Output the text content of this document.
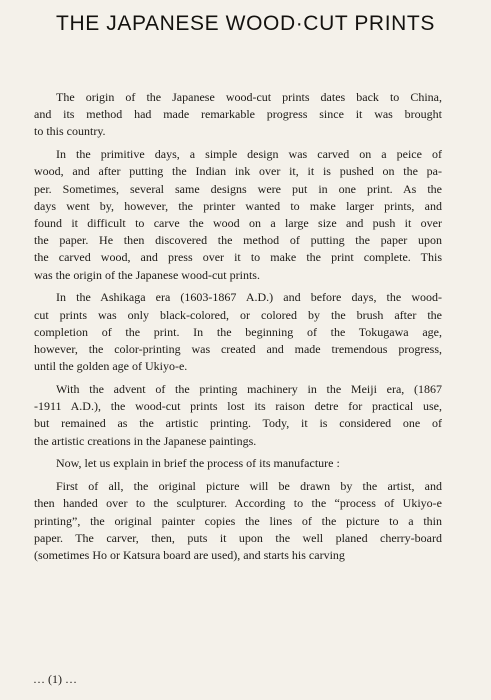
THE JAPANESE WOOD·CUT PRINTS

The origin of the Japanese wood-cut prints dates back to China,
and its method had made remarkable progress since it was brought
to this country.

In the primitive days, a simple design was carved on a peice of
wood, and after putting the Indian ink over it, it is pushed on the pa-
per. Sometimes, several same designs were put in one print. As the
days went by, however, the printer wanted to make larger prints, and
found it difficult to carve the wood on a large size and push it over
the paper. He then discovered the method of putting the paper upon
the carved wood, and press over it to make the print complete. This
was the origin of the Japanese wood-cut prints.

In the Ashikaga era (1603-1867 A.D.) and before days, the wood-
cut prints was only black-colored, or colored by the brush after the
completion of the print. In the beginning of the Tokugawa age,
however, the color-printing was created and made tremendous progress,
until the golden age of Ukiyo-e.

With the advent of the printing machinery in the Meiji era, (1867
-1911 A.D.), the wood-cut prints lost its raison detre for practical use,
but remained as the artistic printing. Tody, it is considered one of
the artistic creations in the Japanese paintings.

Now, let us explain in brief the process of its manufacture :

First of all, the original picture will be drawn by the artist, and
then handed over to the sculpturer. According to the “process of Ukiyo-e
printing”, the original painter copies the lines of the picture to a thin
paper. The carver, then, puts it upon the well planed cherry-board
(sometimes Ho or Katsura board are used), and starts his carving

… (1) …
